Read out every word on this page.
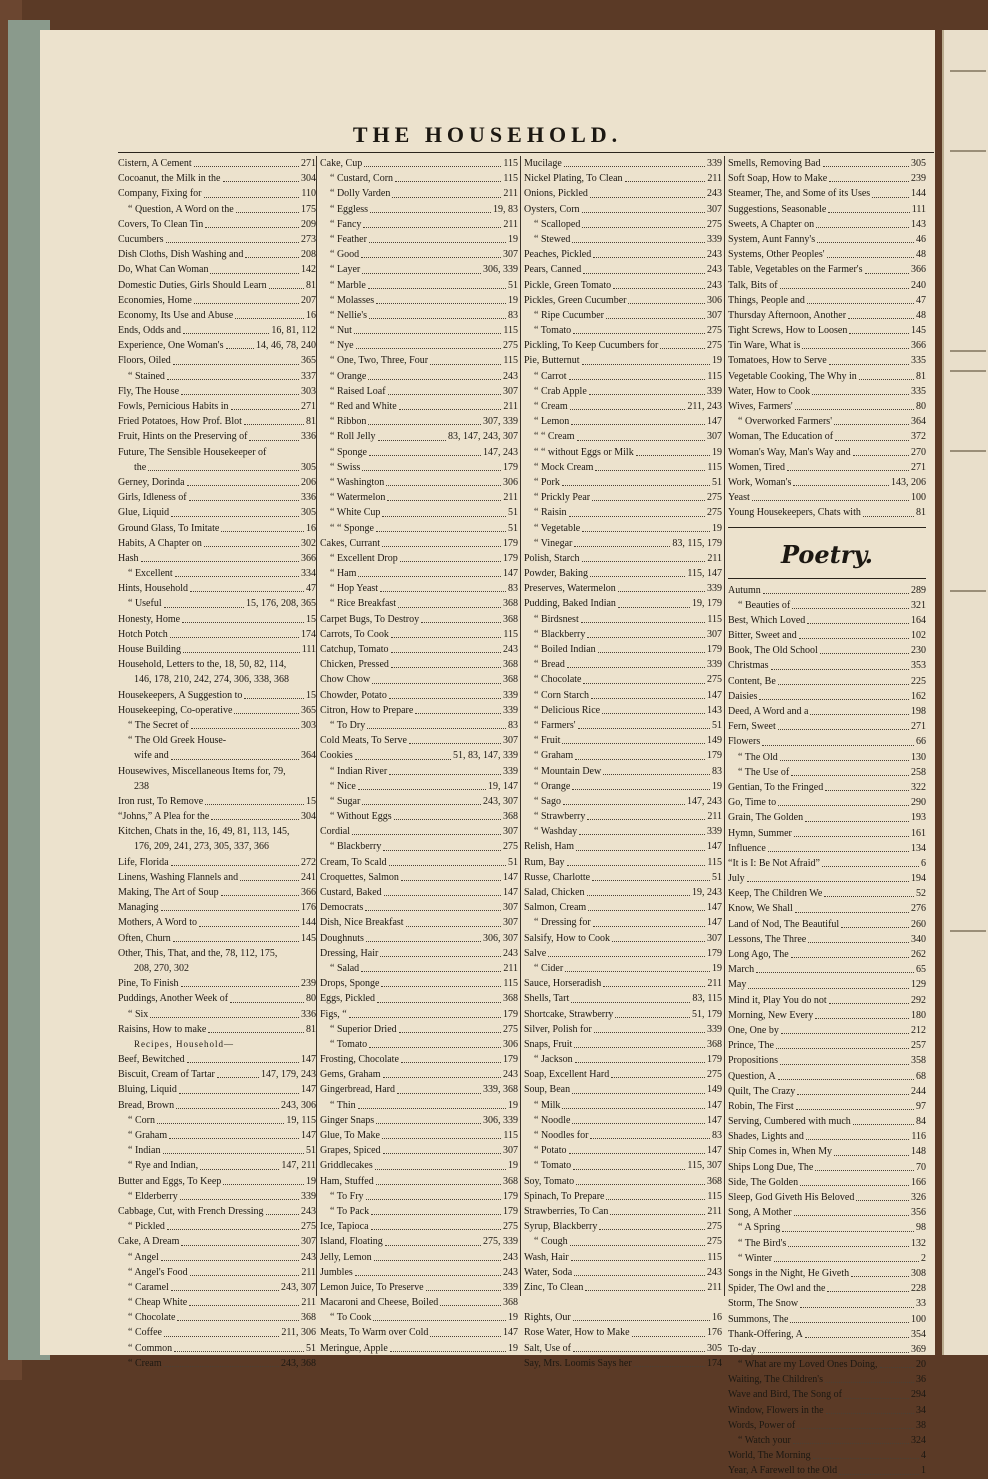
THE HOUSEHOLD.
Cistern, A Cement	271
Cocoanut, the Milk in the	304
Company, Fixing for	110
“ Question, A Word on the	175
Covers, To Clean Tin	209
Cucumbers	273
Dish Cloths, Dish Washing and	208
Do, What Can Woman	142
Domestic Duties, Girls Should Learn	81
Economies, Home	207
Economy, Its Use and Abuse	16
Ends, Odds and	16, 81, 112
Experience, One Woman's	14, 46, 78, 240
Floors, Oiled	365
“ Stained	337
Fly, The House	303
Fowls, Pernicious Habits in	271
Fried Potatoes, How Prof. Blot	81
Fruit, Hints on the Preserving of	336
Future, The Sensible Housekeeper of
the	305
Gerney, Dorinda	206
Girls, Idleness of	336
Glue, Liquid	305
Ground Glass, To Imitate	16
Habits, A Chapter on	302
Hash	366
“ Excellent	334
Hints, Household	47
“ Useful	15, 176, 208, 365
Honesty, Home	15
Hotch Potch	174
House Building	111
Household, Letters to the, 18, 50, 82, 114,
146, 178, 210, 242, 274, 306, 338, 368
Housekeepers, A Suggestion to	15
Housekeeping, Co-operative	365
“ The Secret of	303
“ The Old Greek House-
wife and	364
Housewives, Miscellaneous Items for, 79,
238
Iron rust, To Remove	15
“Johns,” A Plea for the	304
Kitchen, Chats in the, 16, 49, 81, 113, 145,
176, 209, 241, 273, 305, 337, 366
Life, Florida	272
Linens, Washing Flannels and	241
Making, The Art of Soup	366
Managing	176
Mothers, A Word to	144
Often, Churn	145
Other, This, That, and the, 78, 112, 175,
208, 270, 302
Pine, To Finish	239
Puddings, Another Week of	80
“ Six	336
Raisins, How to make	81
Recipes, Household—
Beef, Bewitched	147
Biscuit, Cream of Tartar	147, 179, 243
Bluing, Liquid	147
Bread, Brown	243, 306
“ Corn	19, 115
“ Graham	147
“ Indian	51
“ Rye and Indian,	147, 211
Butter and Eggs, To Keep	19
“ Elderberry	339
Cabbage, Cut, with French Dressing	243
“ Pickled	275
Cake, A Dream	307
“ Angel	243
“ Angel's Food	211
“ Caramel	243, 307
“ Cheap White	211
“ Chocolate	368
“ Coffee	211, 306
“ Common	51
“ Cream	243, 368
Cake, Cup	115
“ Custard, Corn	115
“ Dolly Varden	211
“ Eggless	19, 83
“ Fancy	211
“ Feather	19
“ Good	307
“ Layer	306, 339
“ Marble	51
“ Molasses	19
“ Nellie's	83
“ Nut	115
“ Nye	275
“ One, Two, Three, Four	115
“ Orange	243
“ Raised Loaf	307
“ Red and White	211
“ Ribbon	307, 339
“ Roll Jelly	83, 147, 243, 307
“ Sponge	147, 243
“ Swiss	179
“ Washington	306
“ Watermelon	211
“ White Cup	51
“ “ Sponge	51
Cakes, Currant	179
“ Excellent Drop	179
“ Ham	147
“ Hop Yeast	83
“ Rice Breakfast	368
Carpet Bugs, To Destroy	368
Carrots, To Cook	115
Catchup, Tomato	243
Chicken, Pressed	368
Chow Chow	368
Chowder, Potato	339
Citron, How to Prepare	339
“ To Dry	83
Cold Meats, To Serve	307
Cookies	51, 83, 147, 339
“ Indian River	339
“ Nice	19, 147
“ Sugar	243, 307
“ Without Eggs	368
Cordial	307
“ Blackberry	275
Cream, To Scald	51
Croquettes, Salmon	147
Custard, Baked	147
Democrats	307
Dish, Nice Breakfast	307
Doughnuts	306, 307
Dressing, Hair	243
“ Salad	211
Drops, Sponge	115
Eggs, Pickled	368
Figs, “	179
“ Superior Dried	275
“ Tomato	306
Frosting, Chocolate	179
Gems, Graham	243
Gingerbread, Hard	339, 368
“ Thin	19
Ginger Snaps	306, 339
Glue, To Make	115
Grapes, Spiced	307
Griddlecakes	19
Ham, Stuffed	368
“ To Fry	179
“ To Pack	179
Ice, Tapioca	275
Island, Floating	275, 339
Jelly, Lemon	243
Jumbles	243
Lemon Juice, To Preserve	339
Macaroni and Cheese, Boiled	368
“ To Cook	19
Meats, To Warm over Cold	147
Meringue, Apple	19
Mucilage	339
Nickel Plating, To Clean	211
Onions, Pickled	243
Oysters, Corn	307
“ Scalloped	275
“ Stewed	339
Peaches, Pickled	243
Pears, Canned	243
Pickle, Green Tomato	243
Pickles, Green Cucumber	306
“ Ripe Cucumber	307
“ Tomato	275
Pickling, To Keep Cucumbers for	275
Pie, Butternut	19
“ Carrot	115
“ Crab Apple	339
“ Cream	211, 243
“ Lemon	147
“ “ Cream	307
“ “ without Eggs or Milk	19
“ Mock Cream	115
“ Pork	51
“ Prickly Pear	275
“ Raisin	275
“ Vegetable	19
“ Vinegar	83, 115, 179
Polish, Starch	211
Powder, Baking	115, 147
Preserves, Watermelon	339
Pudding, Baked Indian	19, 179
“ Birdsnest	115
“ Blackberry	307
“ Boiled Indian	179
“ Bread	339
“ Chocolate	275
“ Corn Starch	147
“ Delicious Rice	143
“ Farmers'	51
“ Fruit	149
“ Graham	179
“ Mountain Dew	83
“ Orange	19
“ Sago	147, 243
“ Strawberry	211
“ Washday	339
Relish, Ham	147
Rum, Bay	115
Russe, Charlotte	51
Salad, Chicken	19, 243
Salmon, Cream	147
“ Dressing for	147
Salsify, How to Cook	307
Salve	179
“ Cider	19
Sauce, Horseradish	211
Shells, Tart	83, 115
Shortcake, Strawberry	51, 179
Silver, Polish for	339
Snaps, Fruit	368
“ Jackson	179
Soap, Excellent Hard	275
Soup, Bean	149
“ Milk	147
“ Noodle	147
“ Noodles for	83
“ Potato	147
“ Tomato	115, 307
Soy, Tomato	368
Spinach, To Prepare	115
Strawberries, To Can	211
Syrup, Blackberry	275
“ Cough	275
Wash, Hair	115
Water, Soda	243
Zinc, To Clean	211
Rights, Our	16
Rose Water, How to Make	176
Salt, Use of	305
Say, Mrs. Loomis Says her	174
Smells, Removing Bad	305
Soft Soap, How to Make	239
Steamer, The, and Some of its Uses	144
Suggestions, Seasonable	111
Sweets, A Chapter on	143
System, Aunt Fanny's	46
Systems, Other Peoples'	48
Table, Vegetables on the Farmer's	366
Talk, Bits of	240
Things, People and	47
Thursday Afternoon, Another	48
Tight Screws, How to Loosen	145
Tin Ware, What is	366
Tomatoes, How to Serve	335
Vegetable Cooking, The Why in	81
Water, How to Cook	335
Wives, Farmers'	80
“ Overworked Farmers'	364
Woman, The Education of	372
Woman's Way, Man's Way and	270
Women, Tired	271
Work, Woman's	143, 206
Yeast	100
Young Housekeepers, Chats with	81
Poetry.
Autumn	289
“ Beauties of	321
Best, Which Loved	164
Bitter, Sweet and	102
Book, The Old School	230
Christmas	353
Content, Be	225
Daisies	162
Deed, A Word and a	198
Fern, Sweet	271
Flowers	66
“ The Old	130
“ The Use of	258
Gentian, To the Fringed	322
Go, Time to	290
Grain, The Golden	193
Hymn, Summer	161
Influence	134
“It is I: Be Not Afraid”	6
July	194
Keep, The Children We	52
Know, We Shall	276
Land of Nod, The Beautiful	260
Lessons, The Three	340
Long Ago, The	262
March	65
May	129
Mind it, Play You do not	292
Morning, New Every	180
One, One by	212
Prince, The	257
Propositions	358
Question, A	68
Quilt, The Crazy	244
Robin, The First	97
Serving, Cumbered with much	84
Shades, Lights and	116
Ship Comes in, When My	148
Ships Long Due, The	70
Side, The Golden	166
Sleep, God Giveth His Beloved	326
Song, A Mother	356
“ A Spring	98
“ The Bird's	132
“ Winter	2
Songs in the Night, He Giveth	308
Spider, The Owl and the	228
Storm, The Snow	33
Summons, The	100
Thank-Offering, A	354
To-day	369
“ What are my Loved Ones Doing,	20
Waiting, The Children's	36
Wave and Bird, The Song of	294
Window, Flowers in the	34
Words, Power of	38
“ Watch your	324
World, The Morning	4
Year, A Farewell to the Old	1
